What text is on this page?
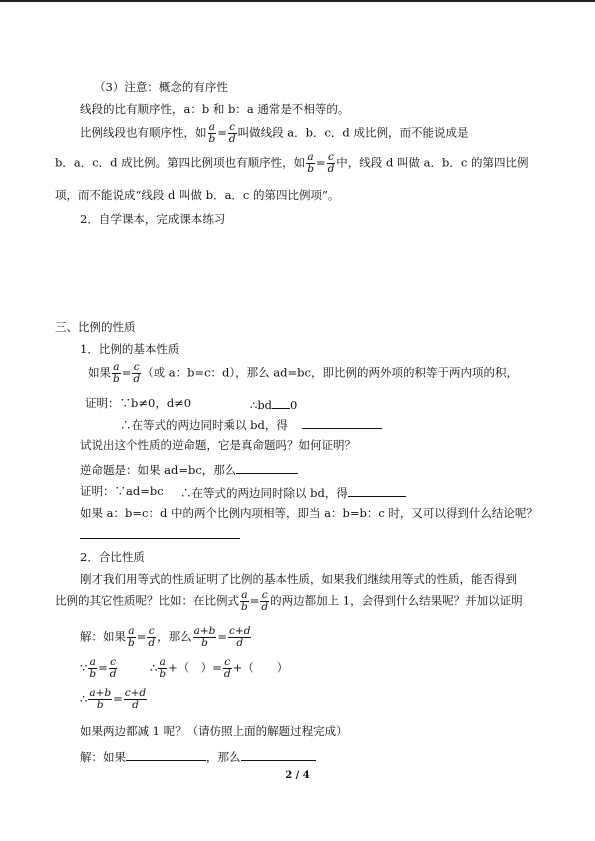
（3）注意：概念的有序性
线段的比有顺序性，a：b 和 b：a 通常是不相等的。
比例线段也有顺序性，如 $\frac{a}{b} = \frac{c}{d}$ 叫做线段 a．b．c．d 成比例，而不能说成是
b．a．c．d 成比例。第四比例项也有顺序性，如 $\frac{a}{b} = \frac{c}{d}$ 中，线段 d 叫做 a．b．c 的第四比例
项，而不能说成“线段 d 叫做 b．a．c 的第四比例项”。
2．自学课本，完成课本练习
三、比例的性质
1．比例的基本性质
如果 $\frac{a}{b} = \frac{c}{d}$ （或 a：b=c：d），那么 ad=bc，即比例的两外项的积等于两内项的积，
证明：∵b≠0，d≠0	∴bd 0
∴在等式的两边同时乘以 bd，得
试说出这个性质的逆命题，它是真命题吗？如何证明？
逆命题是：如果 ad=bc，那么
证明：∵ad=bc ∴在等式的两边同时除以 bd，得
如果 a：b=c：d 中的两个比例内项相等，即当 a：b=b：c 时，又可以得到什么结论呢？
2．合比性质
刚才我们用等式的性质证明了比例的基本性质，如果我们继续用等式的性质，能否得到
比例的其它性质呢？比如：在比例式 $\frac{a}{b} = \frac{c}{d}$ 的两边都加上 1，会得到什么结果呢？并加以证明
解：如果 $\frac{a}{b} = \frac{c}{d}$ ，那么 $\frac{a+b}{b} = \frac{c+d}{d}$
∵ $\frac{a}{b} = \frac{c}{d}$	∴ $\frac{a}{b}$ +（　）= $\frac{c}{d}$ +（　　）
∴ $\frac{a+b}{b} = \frac{c+d}{d}$
如果两边都减 1 呢？（请仿照上面的解题过程完成）
解：如果	，那么
2 / 4
